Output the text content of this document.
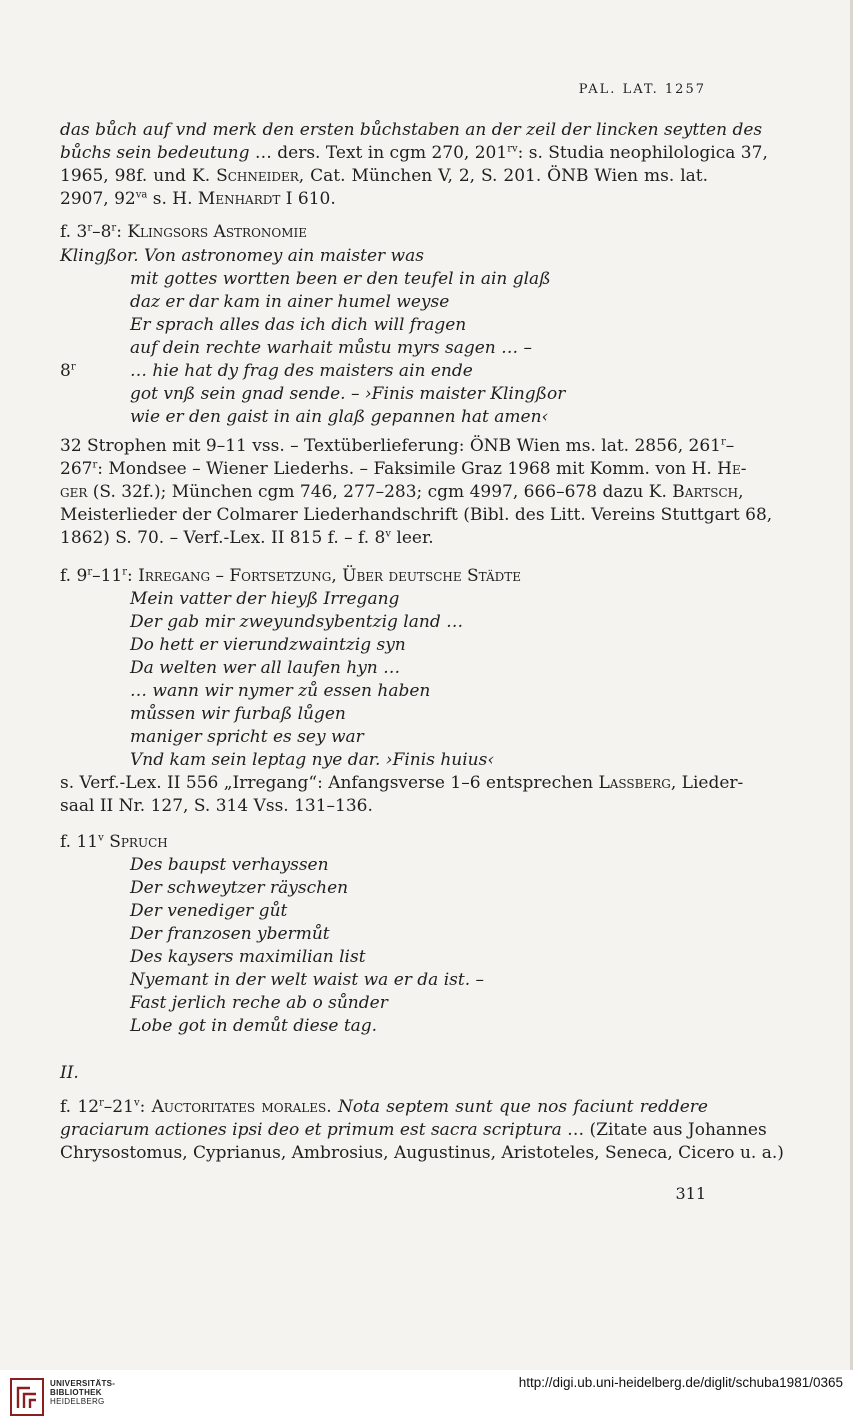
PAL. LAT. 1257
das bůch auf vnd merk den ersten bůchstaben an der zeil der lincken seytten des
bůchs sein bedeutung … ders. Text in cgm 270, $201^{rv}$: s. Studia neophilologica 37,
1965, 98f. und K. Schneider, Cat. München V, 2, S. 201. ÖNB Wien ms. lat.
2907, $92^{va}$ s. H. Menhardt I 610.
f. 3$^r$–8$^r$: Klingsors Astronomie
Klingßor. Von astronomey ain maister was
mit gottes wortten been er den teufel in ain glaß
daz er dar kam in ainer humel weyse
Er sprach alles das ich dich will fragen
auf dein rechte warhait můstu myrs sagen … –
8$^r$	… hie hat dy frag des maisters ain ende
got vnß sein gnad sende. – ›Finis maister Klingßor
wie er den gaist in ain glaß gepannen hat amen‹
32 Strophen mit 9–11 vss. – Textüberlieferung: ÖNB Wien ms. lat. 2856, 261$^r$–
267$^r$: Mondsee – Wiener Liederhs. – Faksimile Graz 1968 mit Komm. von H. He-
ger (S. 32f.); München cgm 746, 277–283; cgm 4997, 666–678 dazu K. Bartsch,
Meisterlieder der Colmarer Liederhandschrift (Bibl. des Litt. Vereins Stuttgart 68,
1862) S. 70. – Verf.-Lex. II 815 f. – f. 8$^v$ leer.
f. 9$^r$–11$^r$: Irregang – Fortsetzung, Über deutsche Städte
Mein vatter der hieyß Irregang
Der gab mir zweyundsybentzig land …
Do hett er vierundzwaintzig syn
Da welten wer all laufen hyn …
… wann wir nymer zů essen haben
můssen wir furbaß lůgen
maniger spricht es sey war
Vnd kam sein leptag nye dar. ›Finis huius‹
s. Verf.-Lex. II 556 „Irregang“: Anfangsverse 1–6 entsprechen Lassberg, Lieder-
saal II Nr. 127, S. 314 Vss. 131–136.
f. 11$^v$ Spruch
Des baupst verhayssen
Der schweytzer räyschen
Der venediger gůt
Der franzosen ybermůt
Des kaysers maximilian list
Nyemant in der welt waist wa er da ist. –
Fast jerlich reche ab o sůnder
Lobe got in demůt diese tag.
II.
f. 12$^r$–21$^v$: Auctoritates morales. Nota septem sunt que nos faciunt reddere
graciarum actiones ipsi deo et primum est sacra scriptura … (Zitate aus Johannes
Chrysostomus, Cyprianus, Ambrosius, Augustinus, Aristoteles, Seneca, Cicero u. a.)
311
UNIVERSITÄTS-
BIBLIOTHEK
HEIDELBERG
http://digi.ub.uni-heidelberg.de/diglit/schuba1981/0365
